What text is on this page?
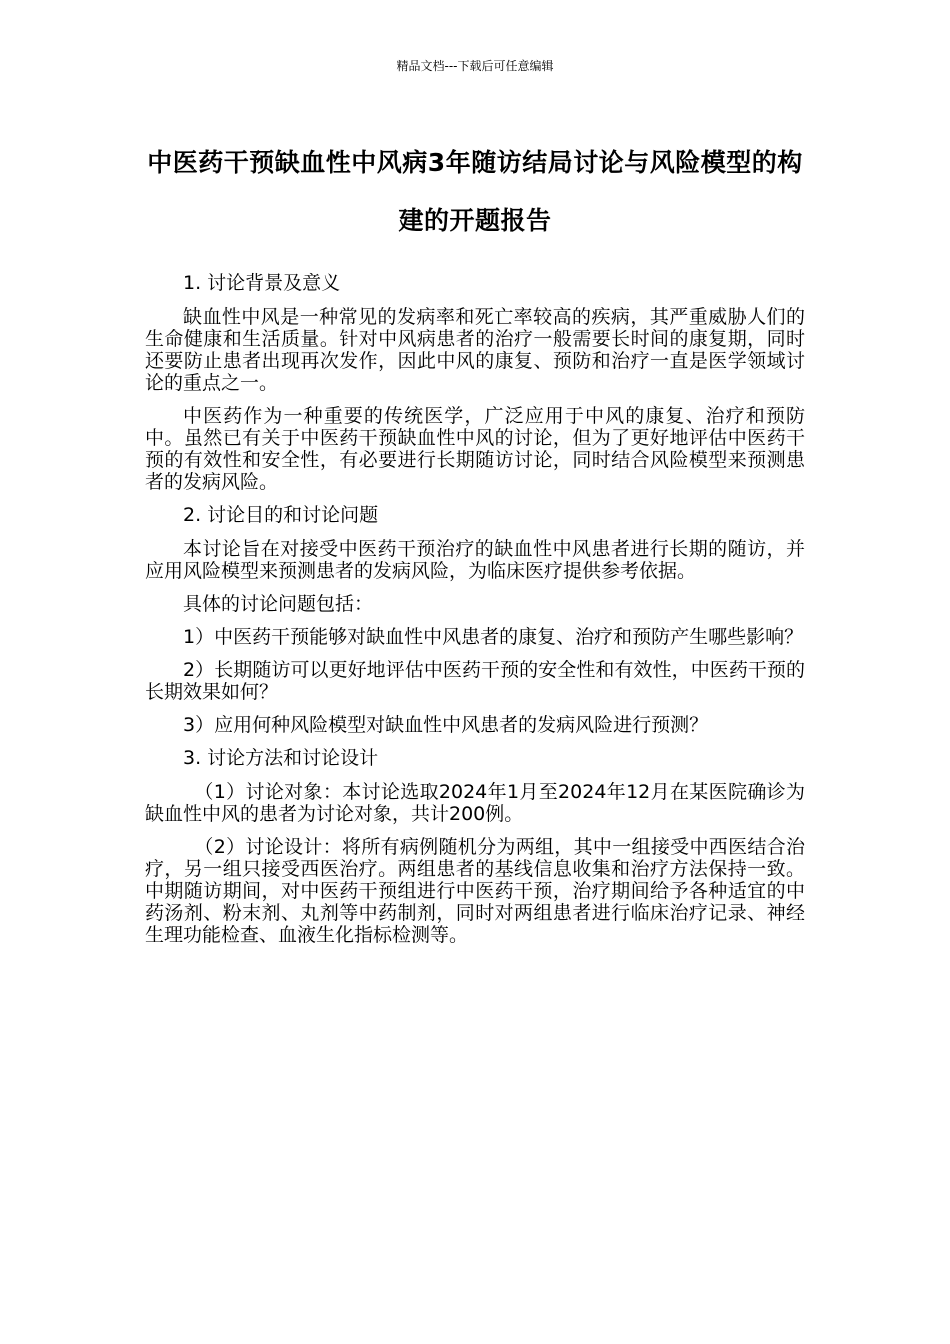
精品文档---下载后可任意编辑
中医药干预缺血性中风病3年随访结局讨论与风险模型的构建的开题报告

1. 讨论背景及意义

缺血性中风是一种常见的发病率和死亡率较高的疾病，其严重威胁人们的生命健康和生活质量。针对中风病患者的治疗一般需要长时间的康复期，同时还要防止患者出现再次发作，因此中风的康复、预防和治疗一直是医学领域讨论的重点之一。

中医药作为一种重要的传统医学，广泛应用于中风的康复、治疗和预防中。虽然已有关于中医药干预缺血性中风的讨论，但为了更好地评估中医药干预的有效性和安全性，有必要进行长期随访讨论，同时结合风险模型来预测患者的发病风险。

2. 讨论目的和讨论问题

本讨论旨在对接受中医药干预治疗的缺血性中风患者进行长期的随访，并应用风险模型来预测患者的发病风险，为临床医疗提供参考依据。

具体的讨论问题包括：

1）中医药干预能够对缺血性中风患者的康复、治疗和预防产生哪些影响？

2）长期随访可以更好地评估中医药干预的安全性和有效性，中医药干预的长期效果如何？

3）应用何种风险模型对缺血性中风患者的发病风险进行预测？

3. 讨论方法和讨论设计

（1）讨论对象：本讨论选取2024年1月至2024年12月在某医院确诊为缺血性中风的患者为讨论对象，共计200例。

（2）讨论设计：将所有病例随机分为两组，其中一组接受中西医结合治疗，另一组只接受西医治疗。两组患者的基线信息收集和治疗方法保持一致。中期随访期间，对中医药干预组进行中医药干预，治疗期间给予各种适宜的中药汤剂、粉末剂、丸剂等中药制剂，同时对两组患者进行临床治疗记录、神经生理功能检查、血液生化指标检测等。
